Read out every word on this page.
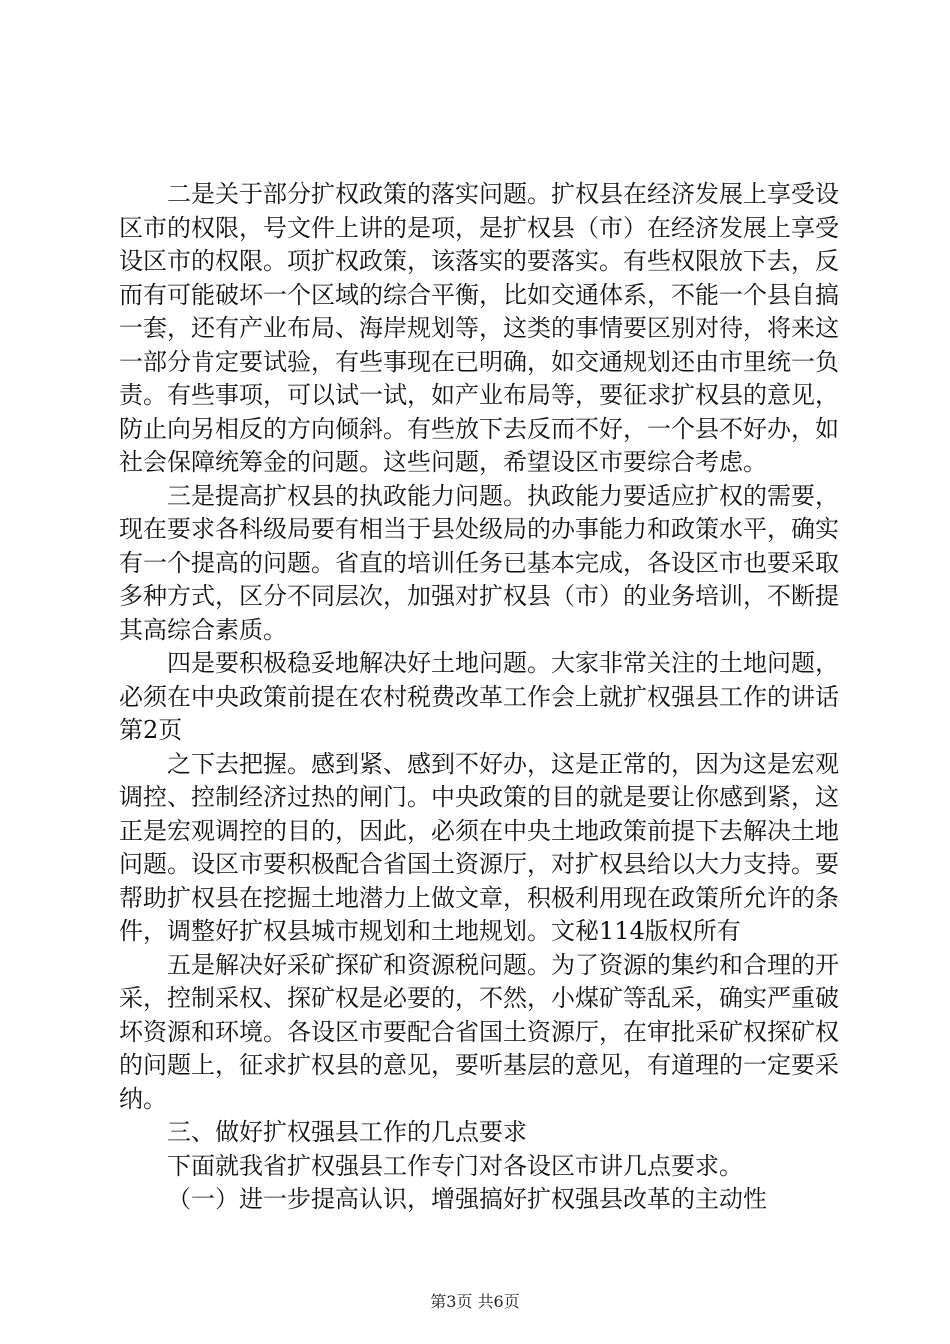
二是关于部分扩权政策的落实问题。扩权县在经济发展上享受设区市的权限，号文件上讲的是项，是扩权县（市）在经济发展上享受设区市的权限。项扩权政策，该落实的要落实。有些权限放下去，反而有可能破坏一个区域的综合平衡，比如交通体系，不能一个县自搞一套，还有产业布局、海岸规划等，这类的事情要区别对待，将来这一部分肯定要试验，有些事现在已明确，如交通规划还由市里统一负责。有些事项，可以试一试，如产业布局等，要征求扩权县的意见，防止向另相反的方向倾斜。有些放下去反而不好，一个县不好办，如社会保障统筹金的问题。这些问题，希望设区市要综合考虑。

三是提高扩权县的执政能力问题。执政能力要适应扩权的需要，现在要求各科级局要有相当于县处级局的办事能力和政策水平，确实有一个提高的问题。省直的培训任务已基本完成，各设区市也要采取多种方式，区分不同层次，加强对扩权县（市）的业务培训，不断提其高综合素质。

四是要积极稳妥地解决好土地问题。大家非常关注的土地问题，必须在中央政策前提在农村税费改革工作会上就扩权强县工作的讲话第2页

之下去把握。感到紧、感到不好办，这是正常的，因为这是宏观调控、控制经济过热的闸门。中央政策的目的就是要让你感到紧，这正是宏观调控的目的，因此，必须在中央土地政策前提下去解决土地问题。设区市要积极配合省国土资源厅，对扩权县给以大力支持。要帮助扩权县在挖掘土地潜力上做文章，积极利用现在政策所允许的条件，调整好扩权县城市规划和土地规划。文秘114版权所有

五是解决好采矿探矿和资源税问题。为了资源的集约和合理的开采，控制采权、探矿权是必要的，不然，小煤矿等乱采，确实严重破坏资源和环境。各设区市要配合省国土资源厅，在审批采矿权探矿权的问题上，征求扩权县的意见，要听基层的意见，有道理的一定要采纳。

三、做好扩权强县工作的几点要求

下面就我省扩权强县工作专门对各设区市讲几点要求。

（一）进一步提高认识，增强搞好扩权强县改革的主动性

第3页 共6页
